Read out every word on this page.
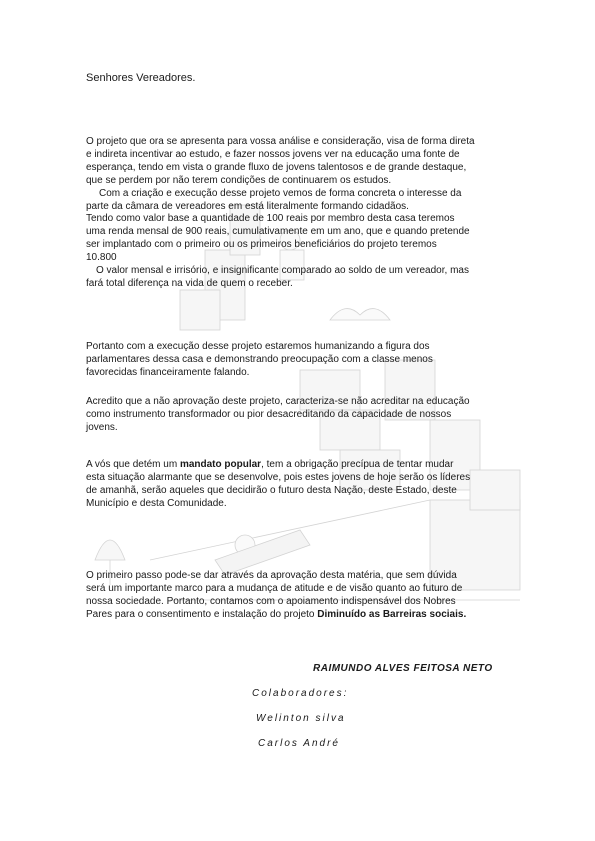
Senhores Vereadores.
O projeto que ora se apresenta para vossa análise e consideração, visa de forma direta
e indireta incentivar ao estudo, e fazer nossos jovens ver na educação uma fonte de
esperança, tendo em vista o grande fluxo de jovens talentosos e de grande destaque,
que se perdem por não terem condições de continuarem os estudos.
Com a criação e execução desse projeto vemos de forma concreta o interesse da
parte da câmara de vereadores em está literalmente formando cidadãos.
Tendo como valor base a quantidade de 100 reais por membro desta casa teremos
uma renda mensal de 900 reais, cumulativamente em um ano, que e quando pretende
ser implantado com o primeiro ou os primeiros beneficiários do projeto teremos
10.800
O valor mensal e irrisório, e insignificante comparado ao soldo de um vereador, mas
fará total diferença na vida de quem o receber.
Portanto com a execução desse projeto estaremos humanizando a figura dos
parlamentares dessa casa e demonstrando preocupação com a classe menos
favorecidas financeiramente falando.
Acredito que a não aprovação deste projeto, caracteriza-se não acreditar na educação
como instrumento transformador ou pior desacreditando da capacidade de nossos
jovens.
A vós que detém um mandato popular, tem a obrigação precípua de tentar mudar
esta situação alarmante que se desenvolve, pois estes jovens de hoje serão os líderes
de amanhã, serão aqueles que decidirão o futuro desta Nação, deste Estado, deste
Município e desta Comunidade.
O primeiro passo pode-se dar através da aprovação desta matéria, que sem dúvida
será um importante marco para a mudança de atitude e de visão quanto ao futuro de
nossa sociedade. Portanto, contamos com o apoiamento indispensável dos Nobres
Pares para o consentimento e instalação do projeto Diminuído as Barreiras sociais.
RAIMUNDO ALVES FEITOSA NETO
Colaboradores:
Welinton silva
Carlos André
